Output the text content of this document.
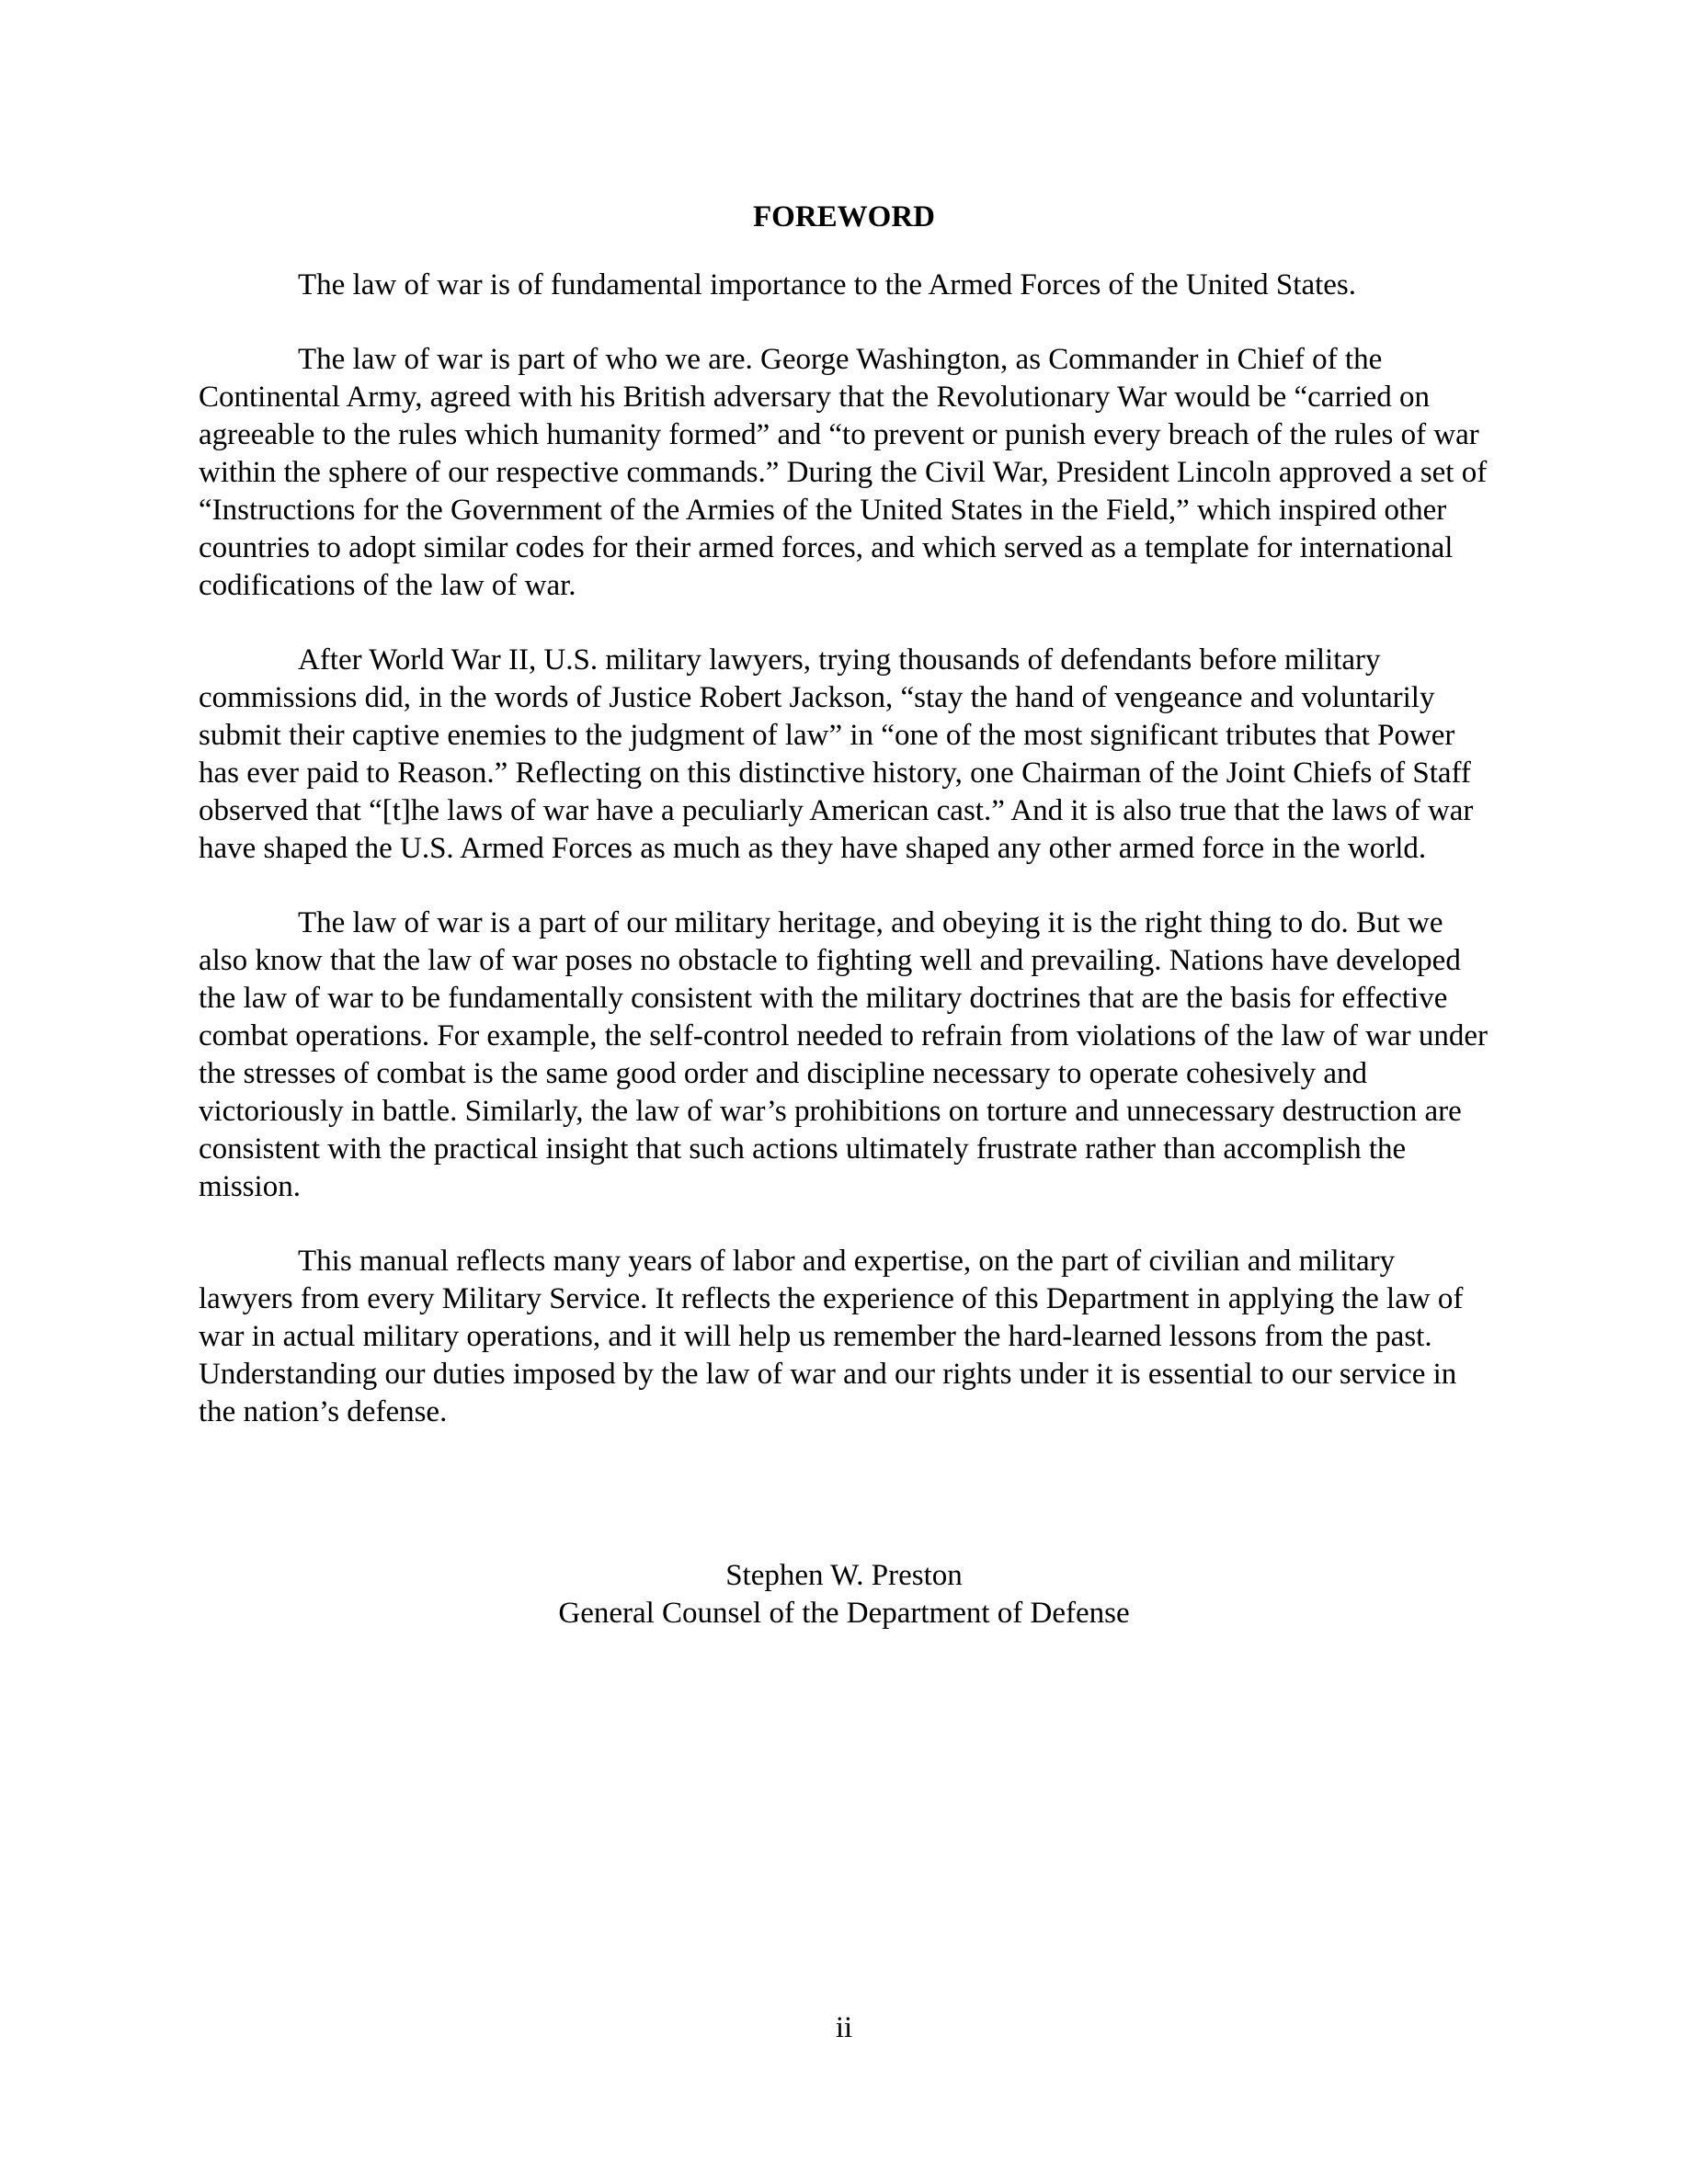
FOREWORD

The law of war is of fundamental importance to the Armed Forces of the United States.

The law of war is part of who we are. George Washington, as Commander in Chief of the Continental Army, agreed with his British adversary that the Revolutionary War would be “carried on agreeable to the rules which humanity formed” and “to prevent or punish every breach of the rules of war within the sphere of our respective commands.” During the Civil War, President Lincoln approved a set of “Instructions for the Government of the Armies of the United States in the Field,” which inspired other countries to adopt similar codes for their armed forces, and which served as a template for international codifications of the law of war.

After World War II, U.S. military lawyers, trying thousands of defendants before military commissions did, in the words of Justice Robert Jackson, “stay the hand of vengeance and voluntarily submit their captive enemies to the judgment of law” in “one of the most significant tributes that Power has ever paid to Reason.” Reflecting on this distinctive history, one Chairman of the Joint Chiefs of Staff observed that “[t]he laws of war have a peculiarly American cast.” And it is also true that the laws of war have shaped the U.S. Armed Forces as much as they have shaped any other armed force in the world.

The law of war is a part of our military heritage, and obeying it is the right thing to do. But we also know that the law of war poses no obstacle to fighting well and prevailing. Nations have developed the law of war to be fundamentally consistent with the military doctrines that are the basis for effective combat operations. For example, the self-control needed to refrain from violations of the law of war under the stresses of combat is the same good order and discipline necessary to operate cohesively and victoriously in battle. Similarly, the law of war’s prohibitions on torture and unnecessary destruction are consistent with the practical insight that such actions ultimately frustrate rather than accomplish the mission.

This manual reflects many years of labor and expertise, on the part of civilian and military lawyers from every Military Service. It reflects the experience of this Department in applying the law of war in actual military operations, and it will help us remember the hard-learned lessons from the past. Understanding our duties imposed by the law of war and our rights under it is essential to our service in the nation’s defense.

Stephen W. Preston
General Counsel of the Department of Defense
ii
